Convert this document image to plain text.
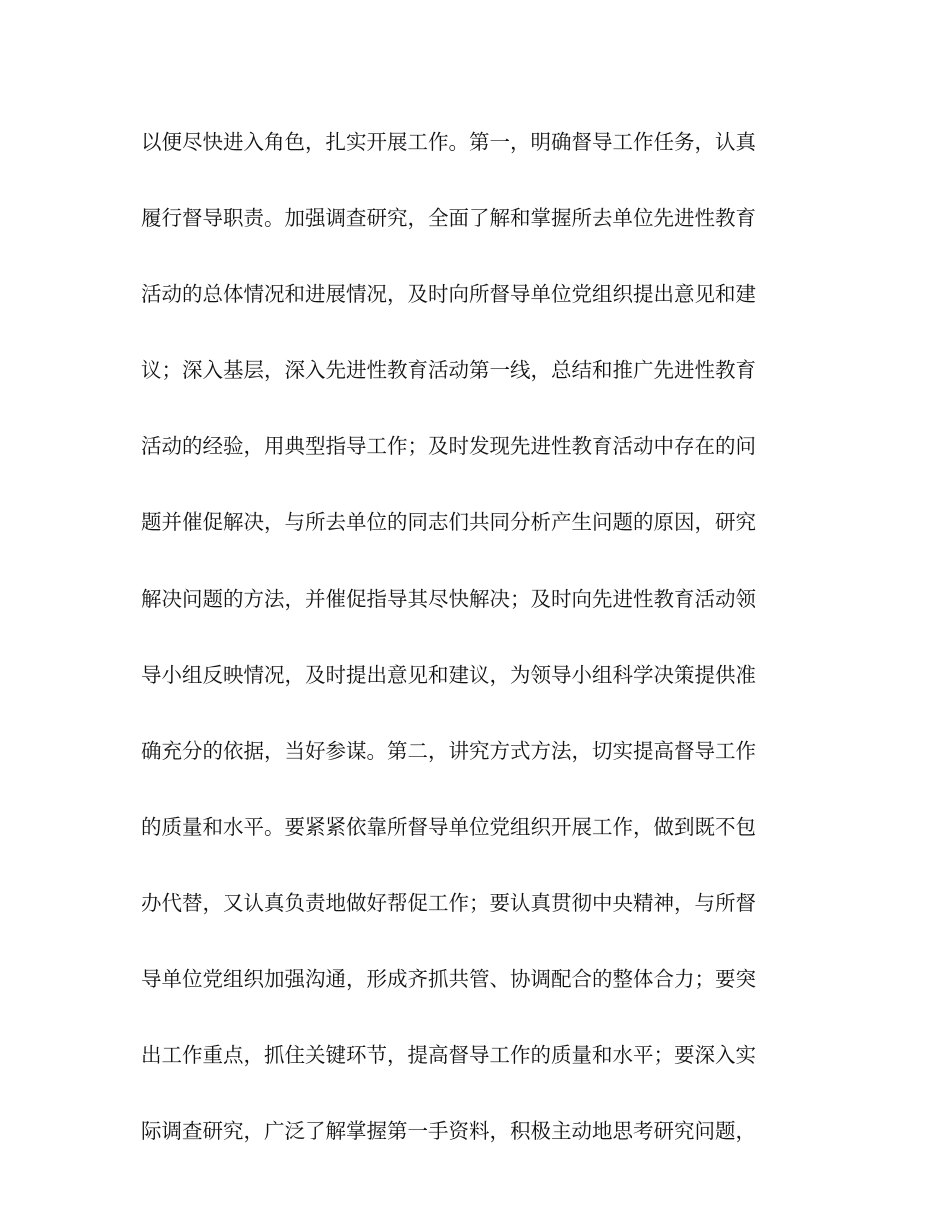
以便尽快进入角色，扎实开展工作。第一，明确督导工作任务，认真
履行督导职责。加强调查研究，全面了解和掌握所去单位先进性教育
活动的总体情况和进展情况，及时向所督导单位党组织提出意见和建
议；深入基层，深入先进性教育活动第一线，总结和推广先进性教育
活动的经验，用典型指导工作；及时发现先进性教育活动中存在的问
题并催促解决，与所去单位的同志们共同分析产生问题的原因，研究
解决问题的方法，并催促指导其尽快解决；及时向先进性教育活动领
导小组反映情况，及时提出意见和建议，为领导小组科学决策提供准
确充分的依据，当好参谋。第二，讲究方式方法，切实提高督导工作
的质量和水平。要紧紧依靠所督导单位党组织开展工作，做到既不包
办代替，又认真负责地做好帮促工作；要认真贯彻中央精神，与所督
导单位党组织加强沟通，形成齐抓共管、协调配合的整体合力；要突
出工作重点，抓住关键环节，提高督导工作的质量和水平；要深入实
际调查研究，广泛了解掌握第一手资料，积极主动地思考研究问题，
